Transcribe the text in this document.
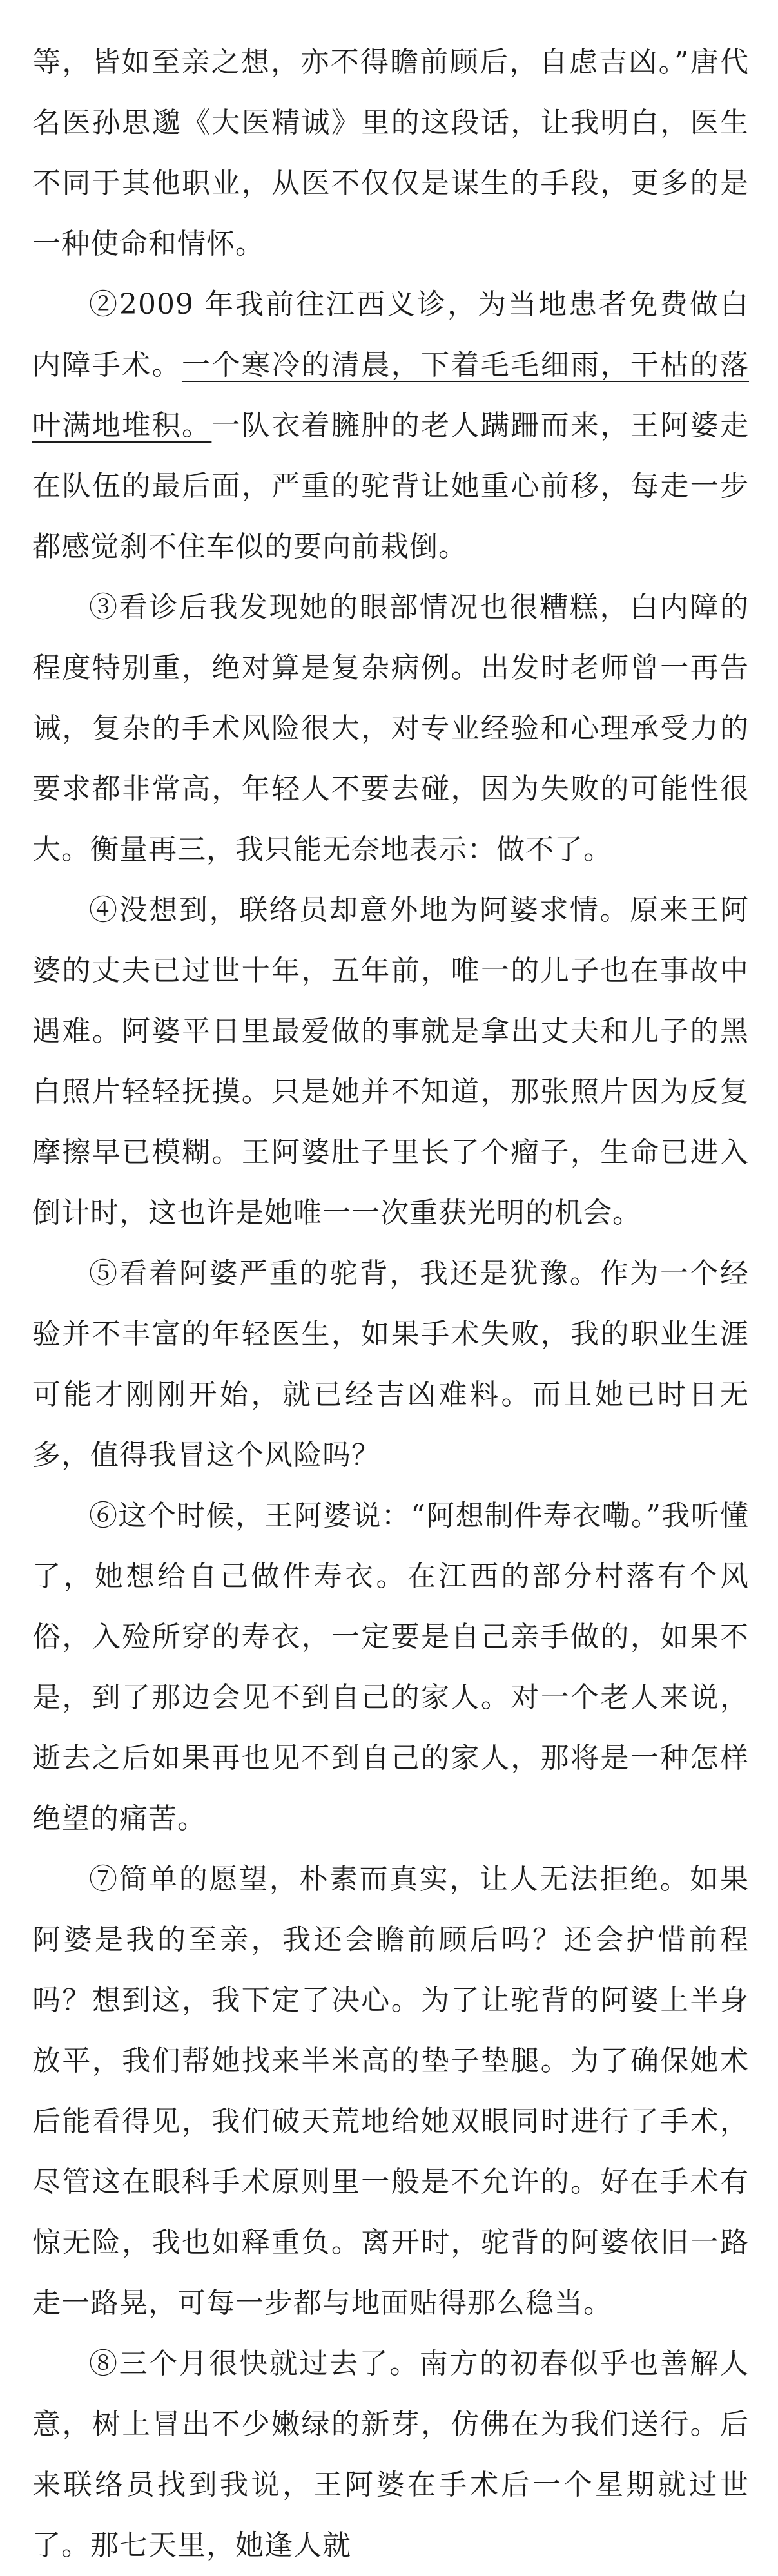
等，皆如至亲之想，亦不得瞻前顾后，自虑吉凶。”唐代名医孙思邈《大医精诚》里的这段话，让我明白，医生不同于其他职业，从医不仅仅是谋生的手段，更多的是一种使命和情怀。

②2009 年我前往江西义诊，为当地患者免费做白内障手术。一个寒冷的清晨，下着毛毛细雨，干枯的落叶满地堆积。一队衣着臃肿的老人蹒跚而来，王阿婆走在队伍的最后面，严重的驼背让她重心前移，每走一步都感觉刹不住车似的要向前栽倒。

③看诊后我发现她的眼部情况也很糟糕，白内障的程度特别重，绝对算是复杂病例。出发时老师曾一再告诫，复杂的手术风险很大，对专业经验和心理承受力的要求都非常高，年轻人不要去碰，因为失败的可能性很大。衡量再三，我只能无奈地表示：做不了。

④没想到，联络员却意外地为阿婆求情。原来王阿婆的丈夫已过世十年，五年前，唯一的儿子也在事故中遇难。阿婆平日里最爱做的事就是拿出丈夫和儿子的黑白照片轻轻抚摸。只是她并不知道，那张照片因为反复摩擦早已模糊。王阿婆肚子里长了个瘤子，生命已进入倒计时，这也许是她唯一一次重获光明的机会。

⑤看着阿婆严重的驼背，我还是犹豫。作为一个经验并不丰富的年轻医生，如果手术失败，我的职业生涯可能才刚刚开始，就已经吉凶难料。而且她已时日无多，值得我冒这个风险吗？

⑥这个时候，王阿婆说：“阿想制件寿衣嘞。”我听懂了，她想给自己做件寿衣。在江西的部分村落有个风俗，入殓所穿的寿衣，一定要是自己亲手做的，如果不是，到了那边会见不到自己的家人。对一个老人来说，逝去之后如果再也见不到自己的家人，那将是一种怎样绝望的痛苦。

⑦简单的愿望，朴素而真实，让人无法拒绝。如果阿婆是我的至亲，我还会瞻前顾后吗？还会护惜前程吗？想到这，我下定了决心。为了让驼背的阿婆上半身放平，我们帮她找来半米高的垫子垫腿。为了确保她术后能看得见，我们破天荒地给她双眼同时进行了手术，尽管这在眼科手术原则里一般是不允许的。好在手术有惊无险，我也如释重负。离开时，驼背的阿婆依旧一路走一路晃，可每一步都与地面贴得那么稳当。

⑧三个月很快就过去了。南方的初春似乎也善解人意，树上冒出不少嫩绿的新芽，仿佛在为我们送行。后来联络员找到我说，王阿婆在手术后一个星期就过世了。那七天里，她逢人就
